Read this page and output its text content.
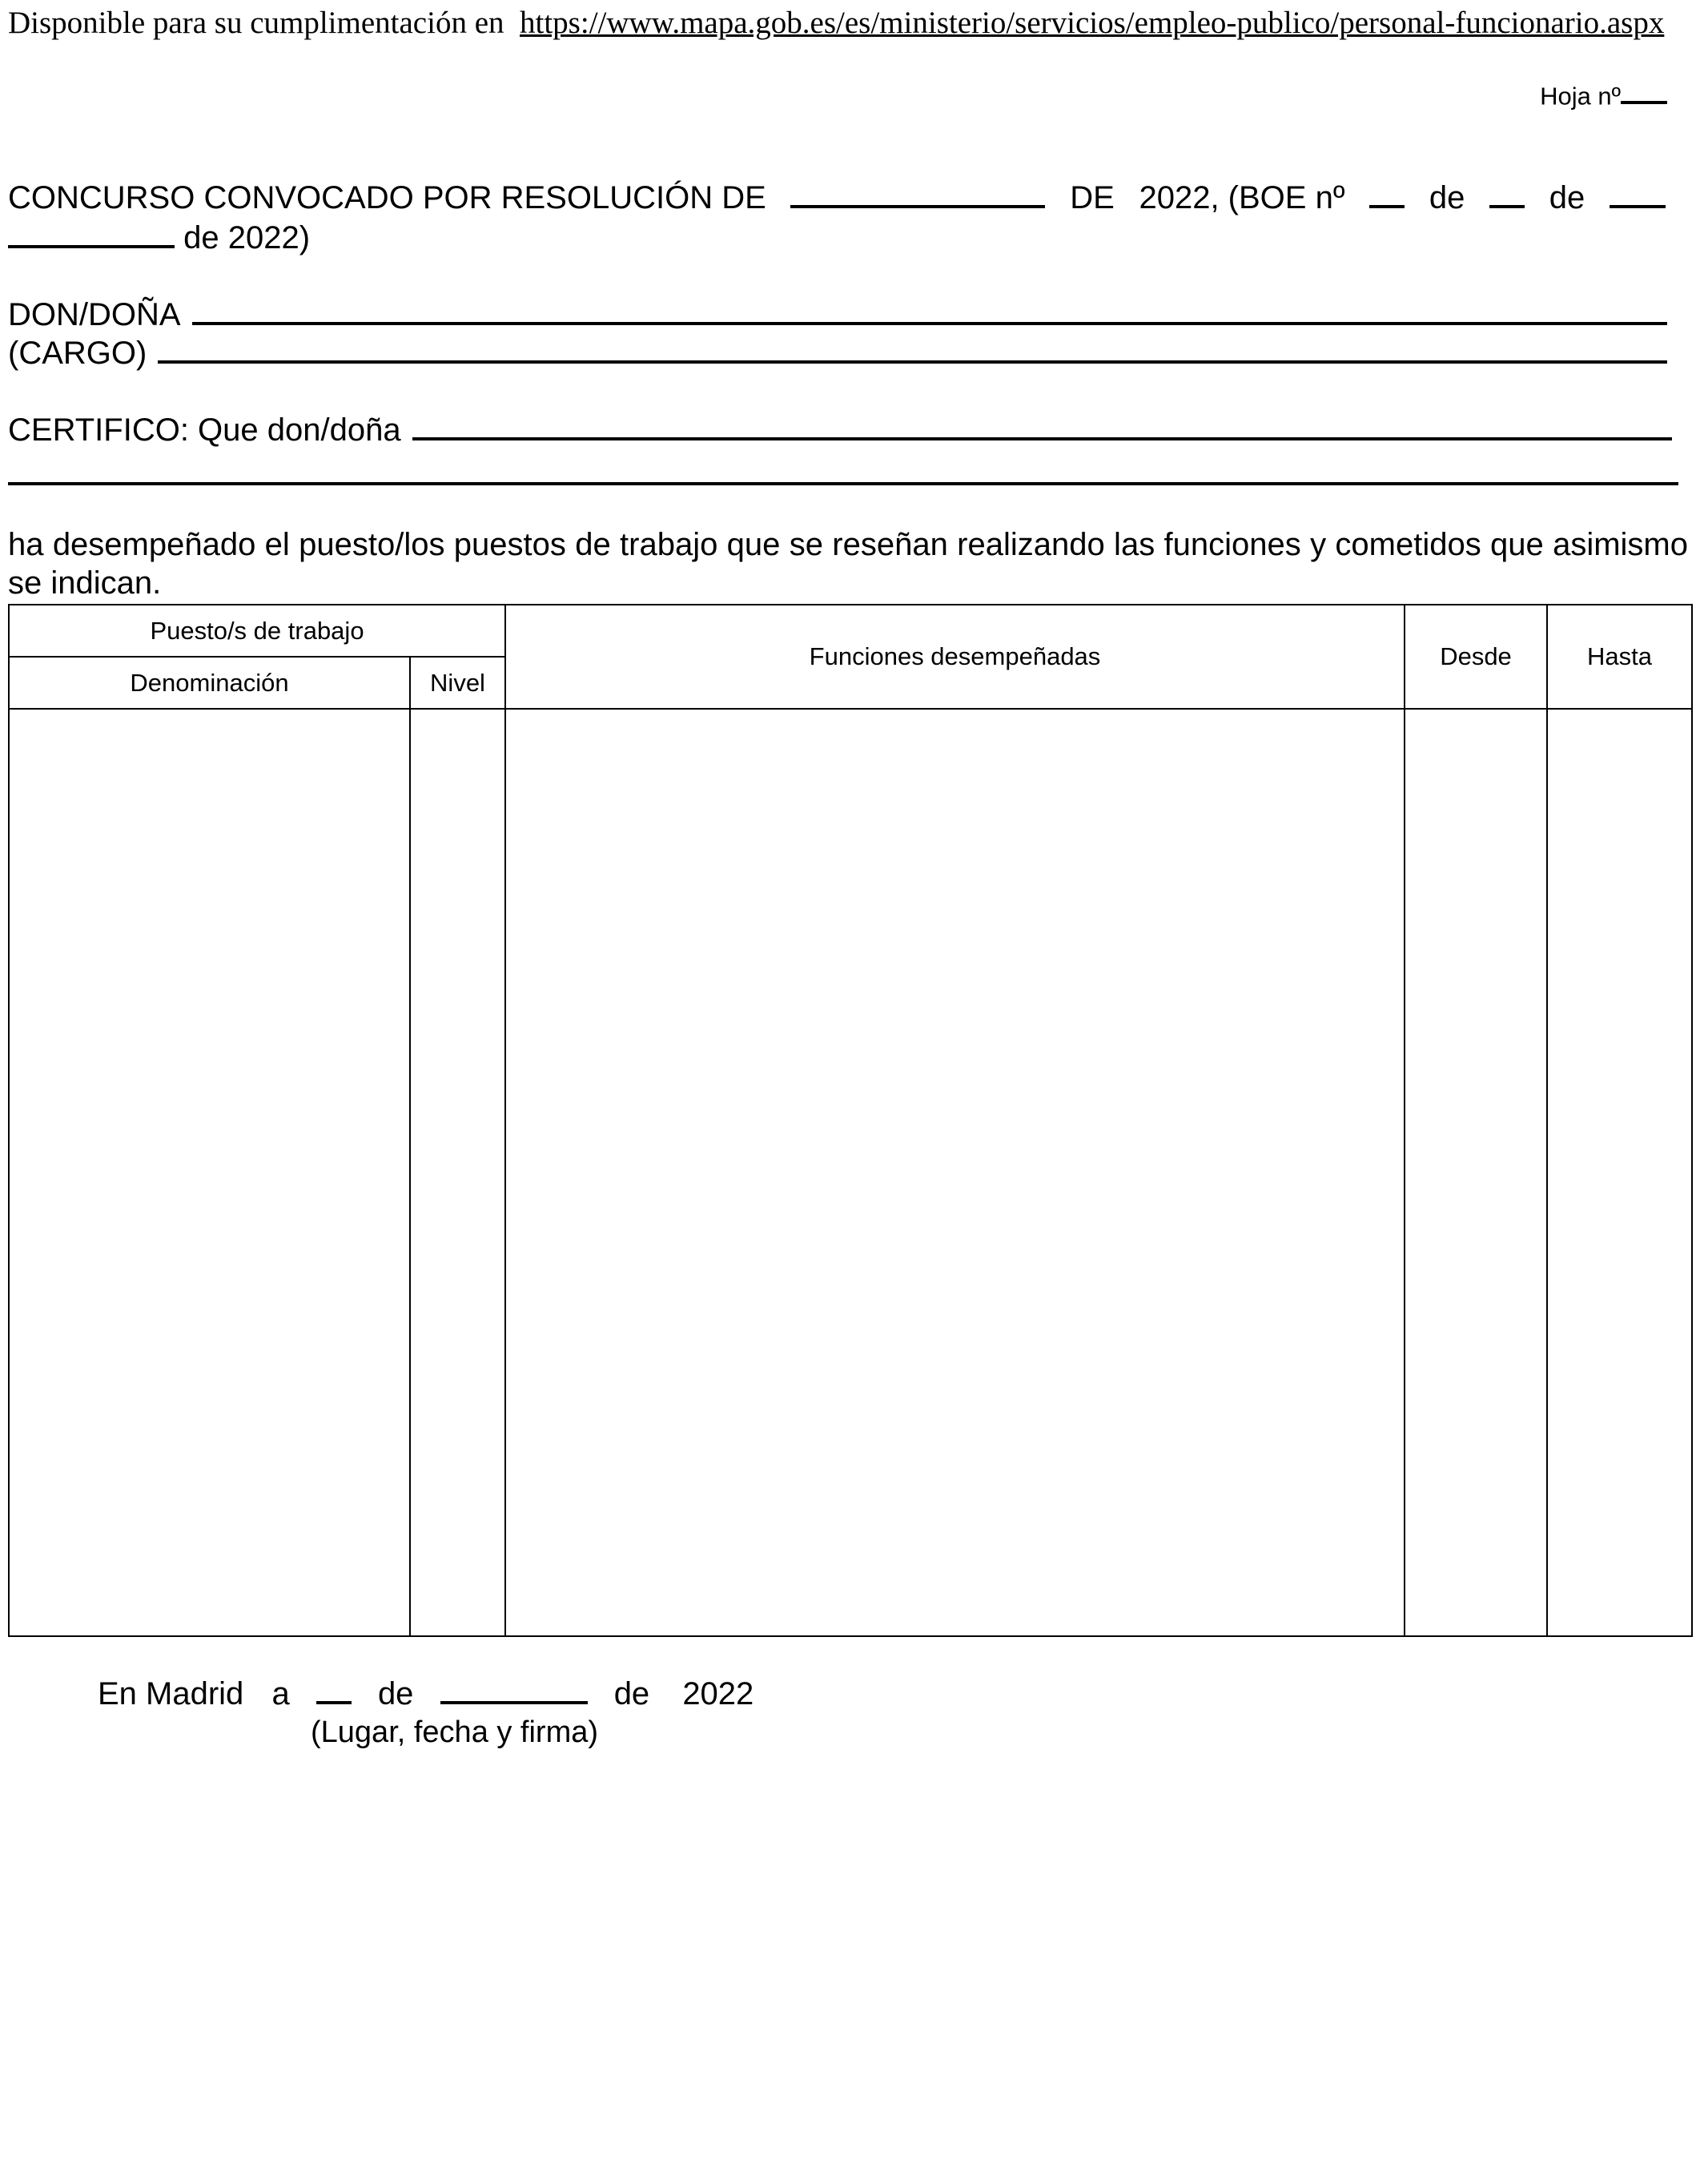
Disponible para su cumplimentación en https://www.mapa.gob.es/es/ministerio/servicios/empleo-publico/personal-funcionario.aspx
Hoja nº
CONCURSO CONVOCADO POR RESOLUCIÓN DE	DE 2022, (BOE nº	de	de
de 2022)
DON/DOÑA
(CARGO)
CERTIFICO: Que don/doña
ha desempeñado el puesto/los puestos de trabajo que se reseñan realizando las funciones y cometidos que asimismo se indican.
Puesto/s de trabajo		Funciones desempeñadas	Desde	Hasta
Denominación	Nivel			

En Madrid a	de	de 2022
(Lugar, fecha y firma)
